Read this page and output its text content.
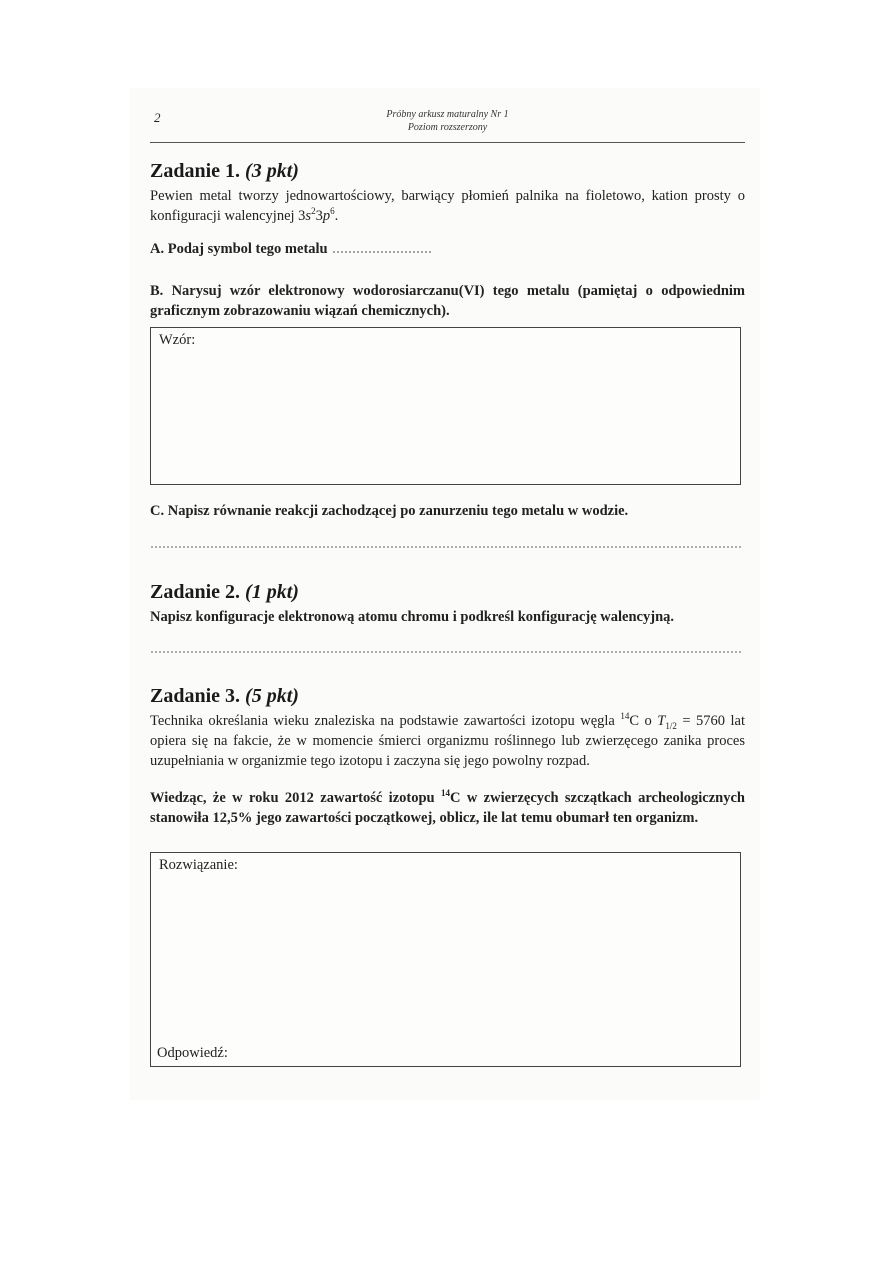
2	Próbny arkusz maturalny Nr 1
Poziom rozszerzony
Zadanie 1. (3 pkt)
Pewien metal tworzy jednowartościowy, barwiący płomień palnika na fioletowo, kation prosty o konfiguracji walencyjnej $3s^23p^6$.
A. Podaj symbol tego metalu
B. Narysuj wzór elektronowy wodorosiarczanu(VI) tego metalu (pamiętaj o odpowiednim graficznym zobrazowaniu wiązań chemicznych).
Wzór:
C. Napisz równanie reakcji zachodzącej po zanurzeniu tego metalu w wodzie.
Zadanie 2. (1 pkt)
Napisz konfiguracje elektronową atomu chromu i podkreśl konfigurację walencyjną.
Zadanie 3. (5 pkt)
Technika określania wieku znaleziska na podstawie zawartości izotopu węgla $^{14}$C o $T_{1/2} = 5760$ lat opiera się na fakcie, że w momencie śmierci organizmu roślinnego lub zwierzęcego zanika proces uzupełniania w organizmie tego izotopu i zaczyna się jego powolny rozpad.
Wiedząc, że w roku 2012 zawartość izotopu $^{14}$C w zwierzęcych szczątkach archeologicznych stanowiła 12,5% jego zawartości początkowej, oblicz, ile lat temu obumarł ten organizm.
Rozwiązanie:
Odpowiedź:
